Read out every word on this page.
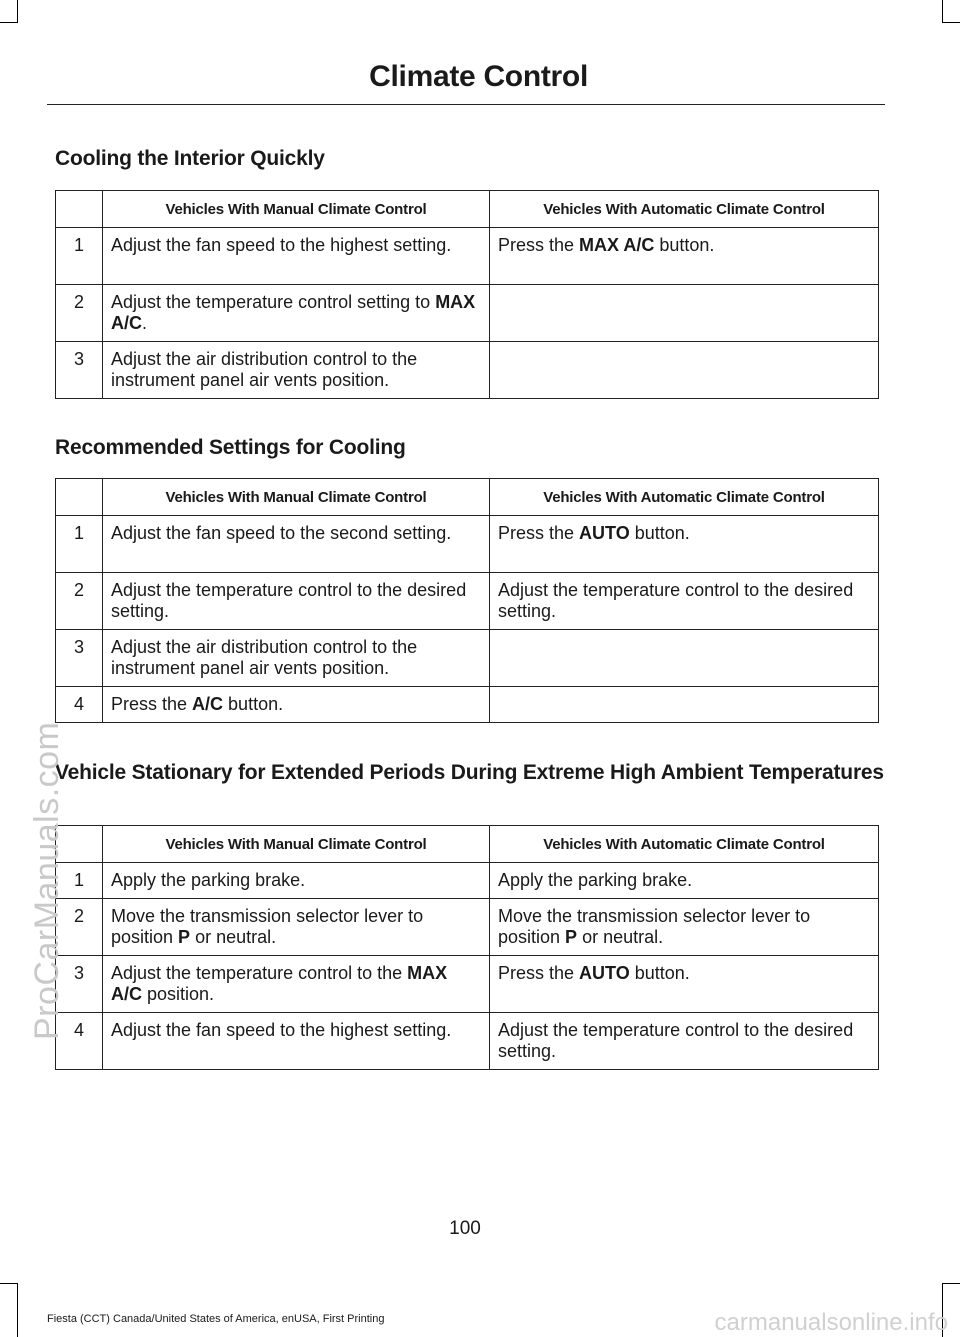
Climate Control
Cooling the Interior Quickly
	Vehicles With Manual Climate Control	Vehicles With Automatic Climate Control
1	Adjust the fan speed to the highest setting.	Press the MAX A/C button.
2	Adjust the temperature control setting to MAX A/C.	
3	Adjust the air distribution control to the instrument panel air vents position.	
Recommended Settings for Cooling
	Vehicles With Manual Climate Control	Vehicles With Automatic Climate Control
1	Adjust the fan speed to the second setting.	Press the AUTO button.
2	Adjust the temperature control to the desired setting.	Adjust the temperature control to the desired setting.
3	Adjust the air distribution control to the instrument panel air vents position.	
4	Press the A/C button.	
Vehicle Stationary for Extended Periods During Extreme High Ambient Temperatures
	Vehicles With Manual Climate Control	Vehicles With Automatic Climate Control
1	Apply the parking brake.	Apply the parking brake.
2	Move the transmission selector lever to position P or neutral.	Move the transmission selector lever to position P or neutral.
3	Adjust the temperature control to the MAX A/C position.	Press the AUTO button.
4	Adjust the fan speed to the highest setting.	Adjust the temperature control to the desired setting.
100
Fiesta (CCT) Canada/United States of America, enUSA, First Printing
ProCarManuals.com
carmanualsonline.info
